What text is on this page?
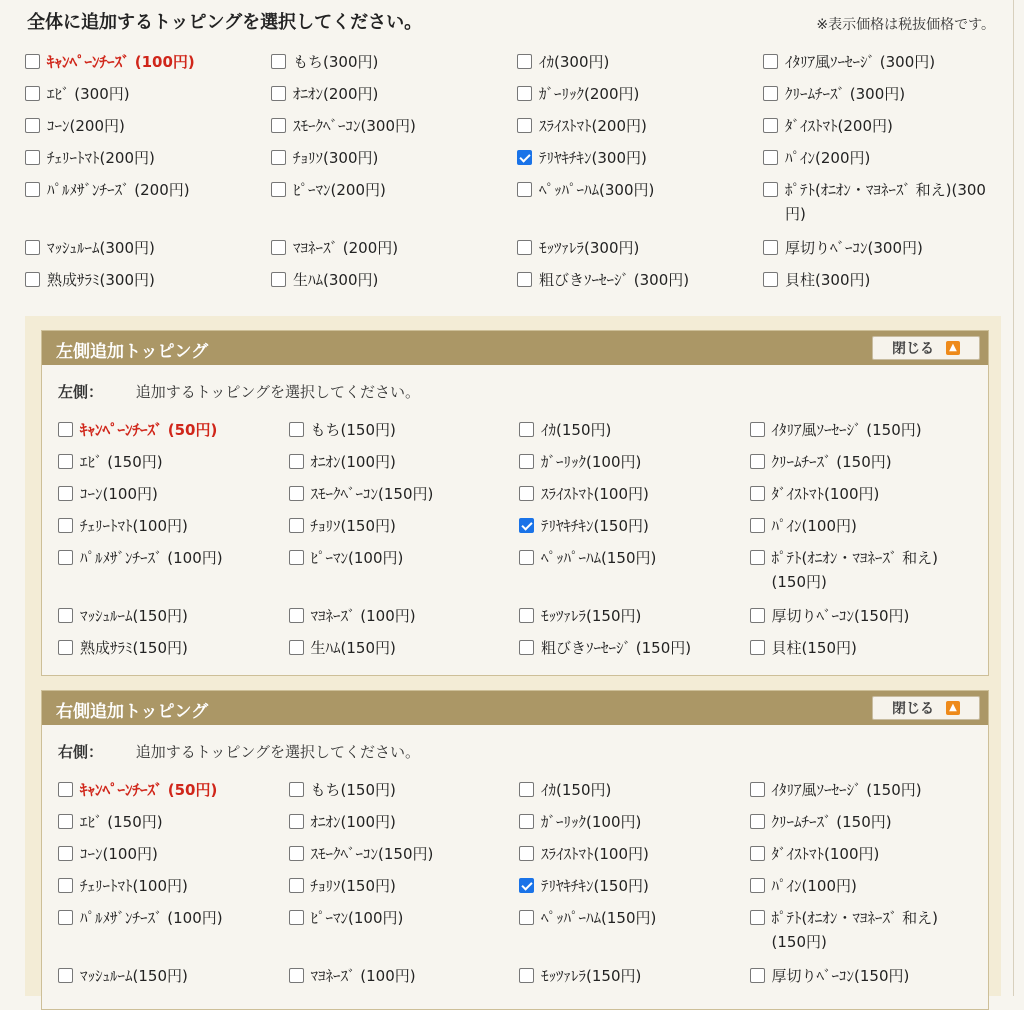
全体に追加するトッピングを選択してください。	※表示価格は税抜価格です。
ｷｬﾝﾍﾟｰﾝﾁｰｽﾞ (100円)	もち(300円)	ｲｶ(300円)	ｲﾀﾘｱ風ｿｰｾｰｼﾞ (300円)
ｴﾋﾞ (300円)	ｵﾆｵﾝ(200円)	ｶﾞｰﾘｯｸ(200円)	ｸﾘｰﾑﾁｰｽﾞ (300円)
ｺｰﾝ(200円)	ｽﾓｰｸﾍﾞｰｺﾝ(300円)	ｽﾗｲｽﾄﾏﾄ(200円)	ﾀﾞｲｽﾄﾏﾄ(200円)
ﾁｪﾘｰﾄﾏﾄ(200円)	ﾁｮﾘｿ(300円)	ﾃﾘﾔｷﾁｷﾝ(300円)	ﾊﾟｲﾝ(200円)
ﾊﾟﾙﾒｻﾞﾝﾁｰｽﾞ (200円)	ﾋﾟｰﾏﾝ(200円)	ﾍﾟｯﾊﾟｰﾊﾑ(300円)	ﾎﾟﾃﾄ(ｵﾆｵﾝ・ﾏﾖﾈｰｽﾞ 和え)(300円)
ﾏｯｼｭﾙｰﾑ(300円)	ﾏﾖﾈｰｽﾞ (200円)	ﾓｯﾂｧﾚﾗ(300円)	厚切りﾍﾞｰｺﾝ(300円)
熟成ｻﾗﾐ(300円)	生ﾊﾑ(300円)	粗びきｿｰｾｰｼﾞ (300円)	貝柱(300円)
左側追加トッピング	閉じる	▲
左側： 追加するトッピングを選択してください。
ｷｬﾝﾍﾟｰﾝﾁｰｽﾞ (50円)	もち(150円)	ｲｶ(150円)	ｲﾀﾘｱ風ｿｰｾｰｼﾞ (150円)
ｴﾋﾞ (150円)	ｵﾆｵﾝ(100円)	ｶﾞｰﾘｯｸ(100円)	ｸﾘｰﾑﾁｰｽﾞ (150円)
ｺｰﾝ(100円)	ｽﾓｰｸﾍﾞｰｺﾝ(150円)	ｽﾗｲｽﾄﾏﾄ(100円)	ﾀﾞｲｽﾄﾏﾄ(100円)
ﾁｪﾘｰﾄﾏﾄ(100円)	ﾁｮﾘｿ(150円)	ﾃﾘﾔｷﾁｷﾝ(150円)	ﾊﾟｲﾝ(100円)
ﾊﾟﾙﾒｻﾞﾝﾁｰｽﾞ (100円)	ﾋﾟｰﾏﾝ(100円)	ﾍﾟｯﾊﾟｰﾊﾑ(150円)	ﾎﾟﾃﾄ(ｵﾆｵﾝ・ﾏﾖﾈｰｽﾞ 和え)(150円)
ﾏｯｼｭﾙｰﾑ(150円)	ﾏﾖﾈｰｽﾞ (100円)	ﾓｯﾂｧﾚﾗ(150円)	厚切りﾍﾞｰｺﾝ(150円)
熟成ｻﾗﾐ(150円)	生ﾊﾑ(150円)	粗びきｿｰｾｰｼﾞ (150円)	貝柱(150円)
右側追加トッピング	閉じる	▲
右側： 追加するトッピングを選択してください。
ｷｬﾝﾍﾟｰﾝﾁｰｽﾞ (50円)	もち(150円)	ｲｶ(150円)	ｲﾀﾘｱ風ｿｰｾｰｼﾞ (150円)
ｴﾋﾞ (150円)	ｵﾆｵﾝ(100円)	ｶﾞｰﾘｯｸ(100円)	ｸﾘｰﾑﾁｰｽﾞ (150円)
ｺｰﾝ(100円)	ｽﾓｰｸﾍﾞｰｺﾝ(150円)	ｽﾗｲｽﾄﾏﾄ(100円)	ﾀﾞｲｽﾄﾏﾄ(100円)
ﾁｪﾘｰﾄﾏﾄ(100円)	ﾁｮﾘｿ(150円)	ﾃﾘﾔｷﾁｷﾝ(150円)	ﾊﾟｲﾝ(100円)
ﾊﾟﾙﾒｻﾞﾝﾁｰｽﾞ (100円)	ﾋﾟｰﾏﾝ(100円)	ﾍﾟｯﾊﾟｰﾊﾑ(150円)	ﾎﾟﾃﾄ(ｵﾆｵﾝ・ﾏﾖﾈｰｽﾞ 和え)(150円)
ﾏｯｼｭﾙｰﾑ(150円)	ﾏﾖﾈｰｽﾞ (100円)	ﾓｯﾂｧﾚﾗ(150円)	厚切りﾍﾞｰｺﾝ(150円)
